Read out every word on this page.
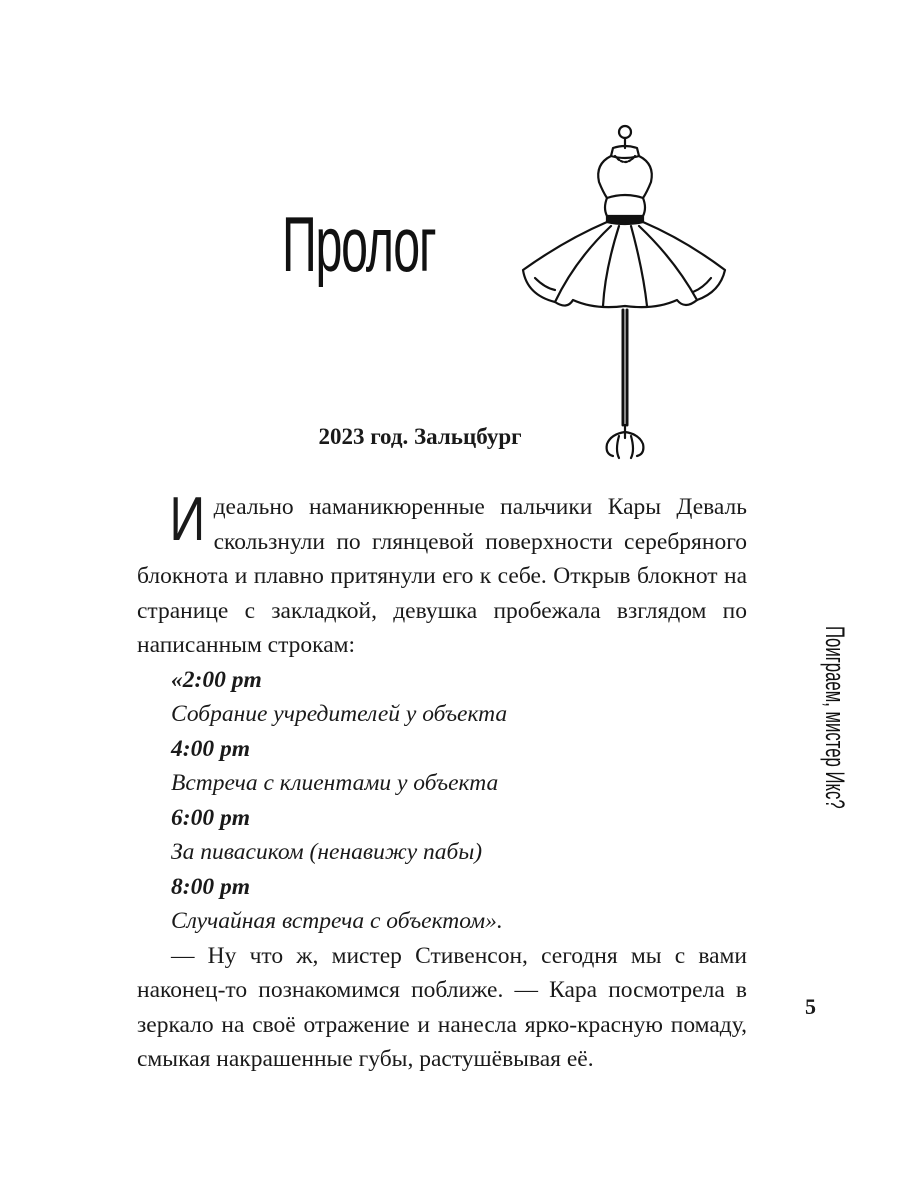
Пролог
2023 год. Зальцбург

Идеально наманикюренные пальчики Кары Деваль скользнули по глянцевой поверхности серебряного блокнота и плавно притянули его к себе. Открыв блокнот на странице с закладкой, девушка пробежала взглядом по написанным строкам:

«2:00 pm
Собрание учредителей у объекта
4:00 pm
Встреча с клиентами у объекта
6:00 pm
За пивасиком (ненавижу пабы)
8:00 pm
Случайная встреча с объектом».

— Ну что ж, мистер Стивенсон, сегодня мы с вами наконец-то познакомимся поближе. — Кара посмотрела в зеркало на своё отражение и нанесла ярко-красную помаду, смыкая накрашенные губы, растушёвывая её.

Поиграем, мистер Икс?
5
